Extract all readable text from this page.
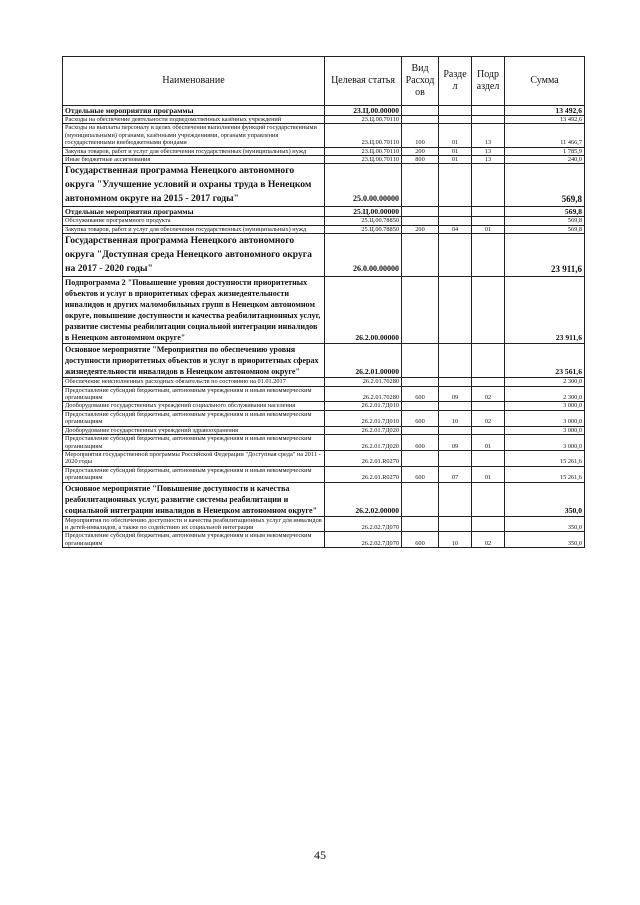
Наименование	Целевая статья	Вид Расход ов	Разде л	Подр аздел	Сумма
Отдельные мероприятия программы	23.Ц.00.00000				13 492,6
Расходы на обеспечение деятельности подведомственных казённых учреждений	23.Ц.00.70110				13 492,6
Расходы на выплаты персоналу в целях обеспечения выполнения функций государственными (муниципальными) органами, казёнными учреждениями, органами управления государственными внебюджетными фондами	23.Ц.00.70110	100	01	13	11 466,7
Закупка товаров, работ и услуг для обеспечения государственных (муниципальных) нужд	23.Ц.00.70110	200	01	13	1 785,9
Иные бюджетные ассигнования	23.Ц.00.70110	800	01	13	240,0
Государственная программа Ненецкого автономного округа "Улучшение условий и охраны труда в Ненецком автономном округе на 2015 - 2017 годы"	25.0.00.00000				569,8
Отдельные мероприятия программы	25.Ц.00.00000				569,8
Обслуживание программного продукта	25.Ц.00.78850				569,8
Закупка товаров, работ и услуг для обеспечения государственных (муниципальных) нужд	25.Ц.00.78850	200	04	01	569,8
Государственная программа Ненецкого автономного округа "Доступная среда Ненецкого автономного округа на 2017 - 2020 годы"	26.0.00.00000				23 911,6
Подпрограмма 2 "Повышение уровня доступности приоритетных объектов и услуг в приоритетных сферах жизнедеятельности инвалидов и других маломобильных групп в Ненецком автономном округе, повышение доступности и качества реабилитационных услуг, развитие системы реабилитации социальной интеграции инвалидов в Ненецком автономном округе"	26.2.00.00000				23 911,6
Основное мероприятие "Мероприятия по обеспечению уровня доступности приоритетных объектов и услуг в приоритетных сферах жизнедеятельности инвалидов в Ненецком автономном округе"	26.2.01.00000				23 561,6
Обеспечение неисполненных расходных обязательств по состоянию на 01.01.2017	26.2.01.70280				2 300,0
Предоставление субсидий бюджетным, автономным учреждениям и иным некоммерческим организациям	26.2.01.70280	600	09	02	2 300,0
Дооборудование государственных учреждений социального обслуживания населения	26.2.01.7Д010				3 000,0
Предоставление субсидий бюджетным, автономным учреждениям и иным некоммерческим организациям	26.2.01.7Д010	600	10	02	3 000,0
Дооборудование государственных учреждений здравоохранения	26.2.01.7Д020				3 000,0
Предоставление субсидий бюджетным, автономным учреждениям и иным некоммерческим организациям	26.2.01.7Д020	600	09	01	3 000,0
Мероприятия государственной программы Российской Федерации "Доступная среда" на 2011 - 2020 годы	26.2.01.R0270				15 261,6
Предоставление субсидий бюджетным, автономным учреждениям и иным некоммерческим организациям	26.2.01.R0270	600	07	01	15 261,6
Основное мероприятие "Повышение доступности и качества реабилитационных услуг, развитие системы реабилитации и социальной интеграции инвалидов в Ненецком автономном округе"	26.2.02.00000				350,0
Мероприятия по обеспечению доступности и качества реабилитационных услуг для инвалидов и детей-инвалидов, а также по содействию их социальной интеграции	26.2.02.7Д070				350,0
Предоставление субсидий бюджетным, автономным учреждениям и иным некоммерческим организациям	26.2.02.7Д070	600	10	02	350,0
45
